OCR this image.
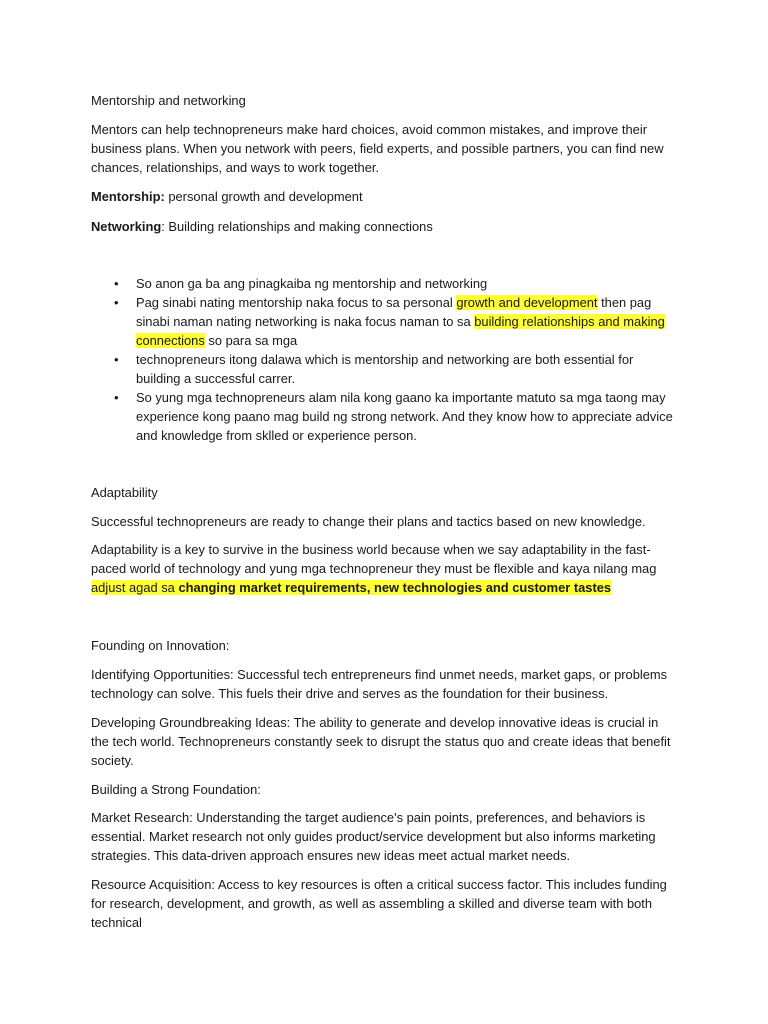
Mentorship and networking

Mentors can help technopreneurs make hard choices, avoid common mistakes, and improve their business plans. When you network with peers, field experts, and possible partners, you can find new chances, relationships, and ways to work together.

Mentorship: personal growth and development

Networking: Building relationships and making connections

• So anon ga ba ang pinagkaiba ng mentorship and networking
• Pag sinabi nating mentorship naka focus to sa personal growth and development then pag sinabi naman nating networking is naka focus naman to sa building relationships and making connections so para sa mga
• technopreneurs itong dalawa which is mentorship and networking are both essential for building a successful carrer.
• So yung mga technopreneurs alam nila kong gaano ka importante matuto sa mga taong may experience kong paano mag build ng strong network. And they know how to appreciate advice and knowledge from sklled or experience person.

Adaptability

Successful technopreneurs are ready to change their plans and tactics based on new knowledge.

Adaptability is a key to survive in the business world because when we say adaptability in the fast-paced world of technology and yung mga technopreneur they must be flexible and kaya nilang mag adjust agad sa changing market requirements, new technologies and customer tastes

Founding on Innovation:

Identifying Opportunities: Successful tech entrepreneurs find unmet needs, market gaps, or problems technology can solve. This fuels their drive and serves as the foundation for their business.

Developing Groundbreaking Ideas: The ability to generate and develop innovative ideas is crucial in the tech world. Technopreneurs constantly seek to disrupt the status quo and create ideas that benefit society.

Building a Strong Foundation:

Market Research: Understanding the target audience's pain points, preferences, and behaviors is essential. Market research not only guides product/service development but also informs marketing strategies. This data-driven approach ensures new ideas meet actual market needs.

Resource Acquisition: Access to key resources is often a critical success factor. This includes funding for research, development, and growth, as well as assembling a skilled and diverse team with both technical
